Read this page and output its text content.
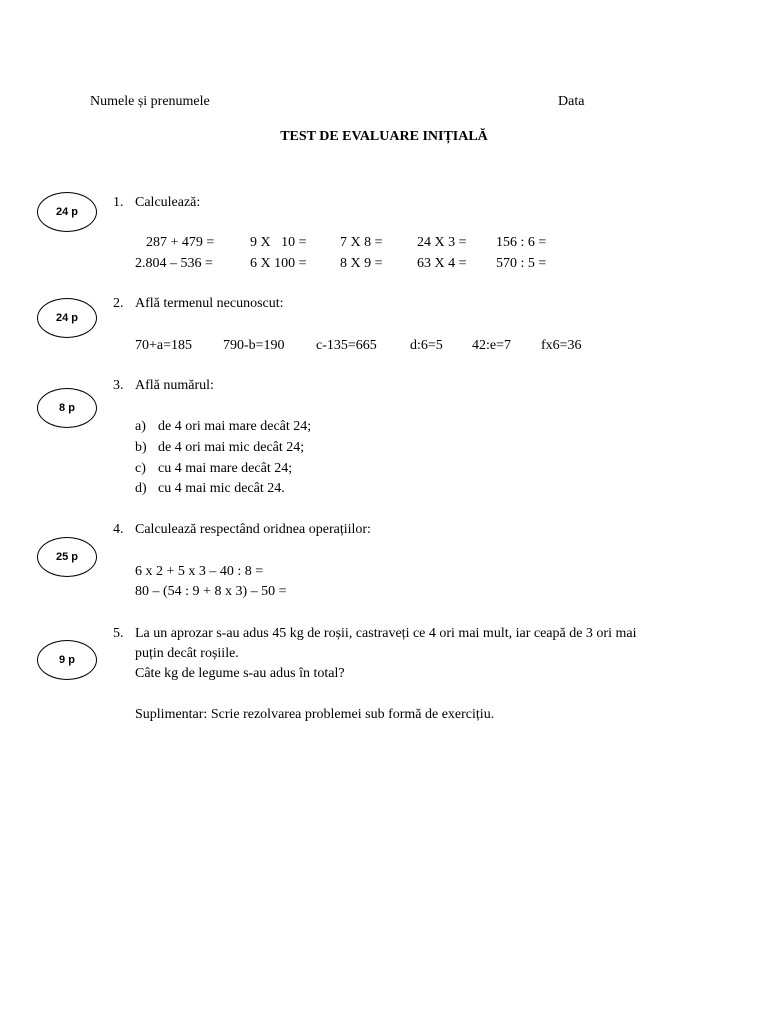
Numele și prenumele	Data
TEST DE EVALUARE INIȚIALĂ
24 p
24 p
8 p
25 p
9 p
1. Calculează:
287 + 479 =	9 X   10 = 7 X 8 = 24 X 3 = 156 : 6 =
2.804 – 536 =	6 X 100 = 8 X 9 = 63 X 4 = 570 : 5 =
2. Află termenul necunoscut:
70+a=185 790-b=190 c-135=665 d:6=5 42:e=7 fx6=36
3. Află numărul:
a) de 4 ori mai mare decât 24;
b) de 4 ori mai mic decât 24;
c) cu 4 mai mare decât 24;
d) cu 4 mai mic decât 24.
4. Calculează respectând oridnea operațiilor:
6 x 2 + 5 x 3 – 40 : 8 =
80 – (54 : 9 + 8 x 3) – 50 =
5. La un aprozar s-au adus 45 kg de roșii, castraveți ce 4 ori mai mult, iar ceapă de 3 ori mai
puțin decât roșiile.
Câte kg de legume s-au adus în total?
Suplimentar: Scrie rezolvarea problemei sub formă de exercițiu.
